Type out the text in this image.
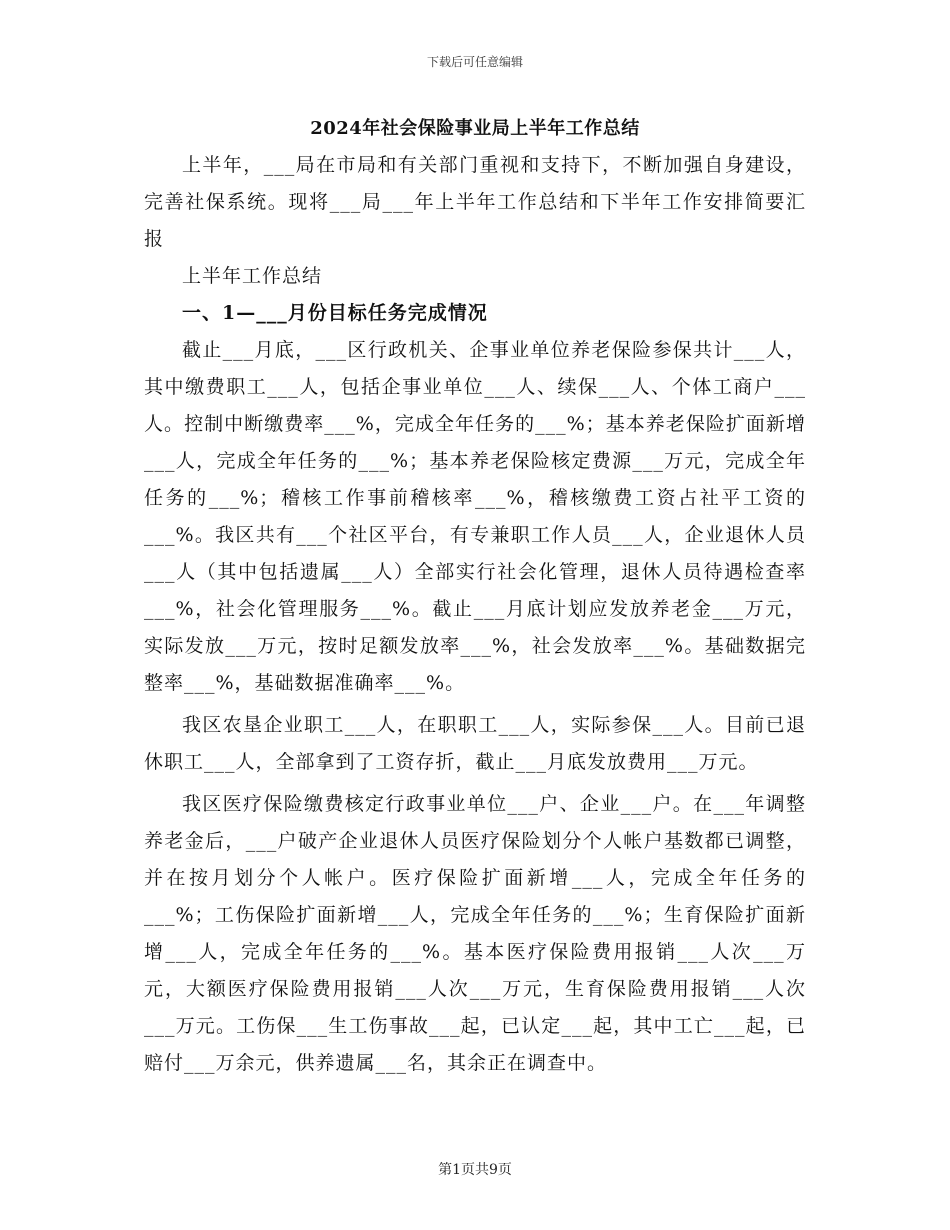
下载后可任意编辑
2024年社会保险事业局上半年工作总结

上半年，___局在市局和有关部门重视和支持下，不断加强自身建设，完善社保系统。现将___局___年上半年工作总结和下半年工作安排简要汇报

上半年工作总结

一、1—___月份目标任务完成情况

截止___月底，___区行政机关、企事业单位养老保险参保共计___人，其中缴费职工___人，包括企事业单位___人、续保___人、个体工商户___人。控制中断缴费率___%，完成全年任务的___%；基本养老保险扩面新增___人，完成全年任务的___%；基本养老保险核定费源___万元，完成全年任务的___%；稽核工作事前稽核率___%，稽核缴费工资占社平工资的___%。我区共有___个社区平台，有专兼职工作人员___人，企业退休人员___人（其中包括遗属___人）全部实行社会化管理，退休人员待遇检查率___%，社会化管理服务___%。截止___月底计划应发放养老金___万元，实际发放___万元，按时足额发放率___%，社会发放率___%。基础数据完整率___%，基础数据准确率___%。

我区农垦企业职工___人，在职职工___人，实际参保___人。目前已退休职工___人，全部拿到了工资存折，截止___月底发放费用___万元。

我区医疗保险缴费核定行政事业单位___户、企业___户。在___年调整养老金后，___户破产企业退休人员医疗保险划分个人帐户基数都已调整，并在按月划分个人帐户。医疗保险扩面新增___人，完成全年任务的___%；工伤保险扩面新增___人，完成全年任务的___%；生育保险扩面新增___人，完成全年任务的___%。基本医疗保险费用报销___人次___万元，大额医疗保险费用报销___人次___万元，生育保险费用报销___人次___万元。工伤保___生工伤事故___起，已认定___起，其中工亡___起，已赔付___万余元，供养遗属___名，其余正在调查中。

第1页共9页
